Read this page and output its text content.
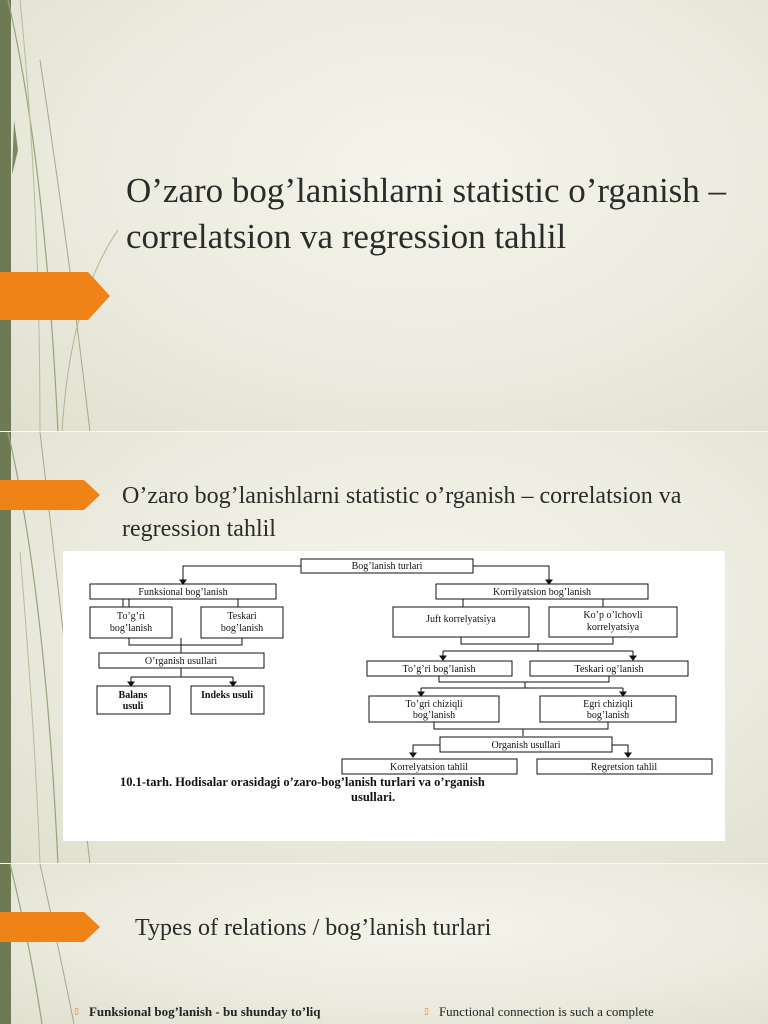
O’zaro bog’lanishlarni statistic o’rganish – correlatsion va regression tahlil
O’zaro bog’lanishlarni statistic o’rganish – correlatsion va regression tahlil
Bog’lanish turlari
Funksional bog’lanish	Korrilyatsion bog’lanish
To’g’ri
bog’lanish
Teskari
bog’lanish
O’rganish usullari
Balans
usuli
Indeks usuli
Juft korrelyatsiya	Ko’p o’lchovli
korrelyatsiya
To’g’ri bog’lanish	Teskari og’lanish
To’gri chiziqli
bog’lanish
Egri chiziqli
bog’lanish
Organish usullari
Korrelyatsion tahlil	Regretsion tahlil
10.1-tarh. Hodisalar orasidagi o’zaro-bog’lanish turlari va o’rganish
usullari.
Types of relations / bog’lanish turlari
▯ Funksional bog’lanish - bu shunday to’liq	▯ Functional connection is such a complete
